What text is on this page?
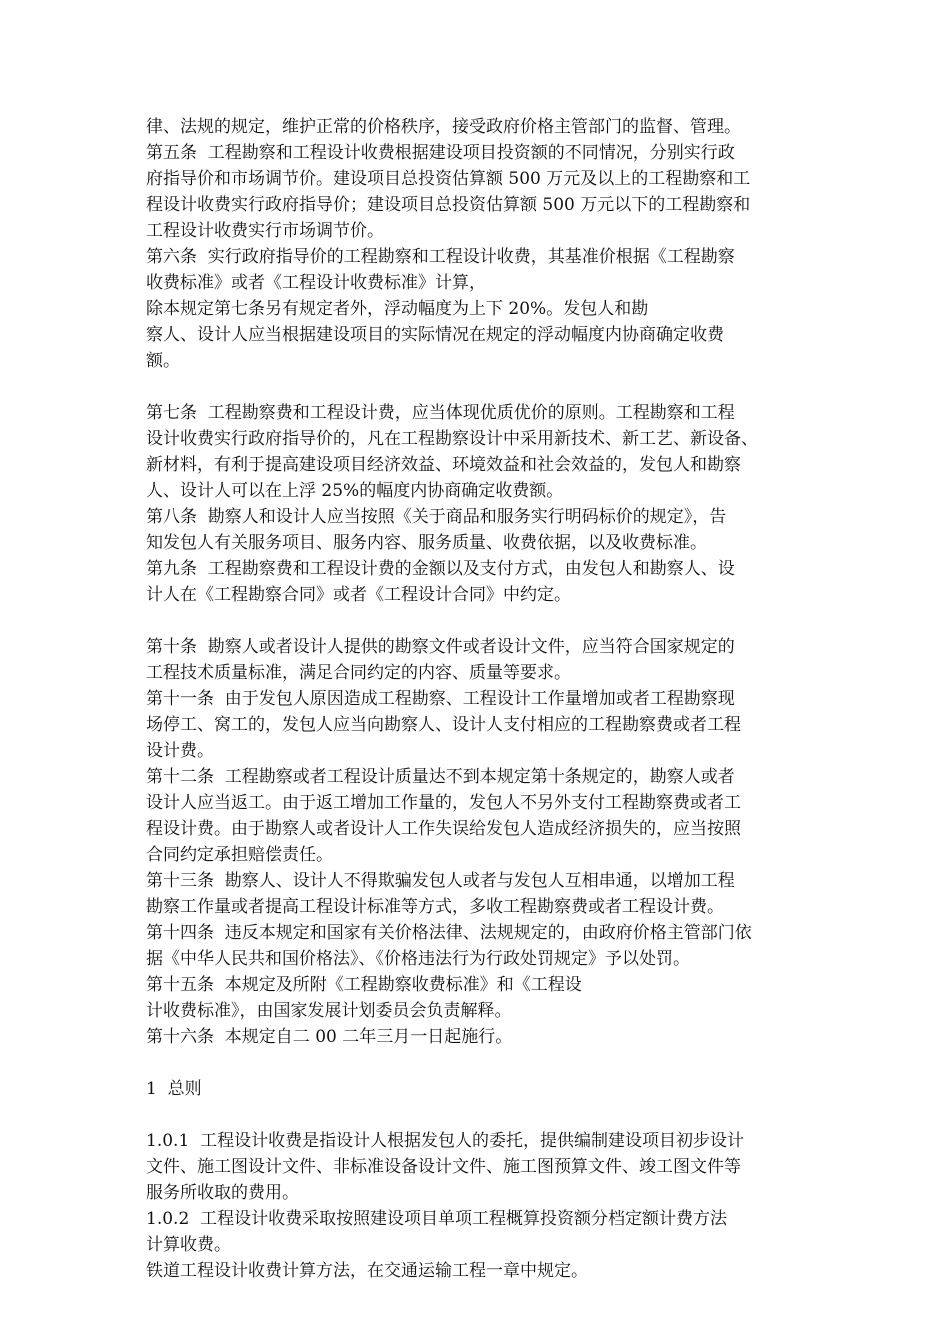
律、法规的规定，维护正常的价格秩序，接受政府价格主管部门的监督、管理。
第五条  工程勘察和工程设计收费根据建设项目投资额的不同情况，分别实行政
府指导价和市场调节价。建设项目总投资估算额 500 万元及以上的工程勘察和工
程设计收费实行政府指导价；建设项目总投资估算额 500 万元以下的工程勘察和
工程设计收费实行市场调节价。
第六条  实行政府指导价的工程勘察和工程设计收费，其基准价根据《工程勘察
收费标准》或者《工程设计收费标准》计算，
除本规定第七条另有规定者外，浮动幅度为上下 20%。发包人和勘
察人、设计人应当根据建设项目的实际情况在规定的浮动幅度内协商确定收费
额。
第七条  工程勘察费和工程设计费，应当体现优质优价的原则。工程勘察和工程
设计收费实行政府指导价的，凡在工程勘察设计中采用新技术、新工艺、新设备、
新材料，有利于提高建设项目经济效益、环境效益和社会效益的，发包人和勘察
人、设计人可以在上浮 25%的幅度内协商确定收费额。
第八条  勘察人和设计人应当按照《关于商品和服务实行明码标价的规定》，告
知发包人有关服务项目、服务内容、服务质量、收费依据，以及收费标准。
第九条  工程勘察费和工程设计费的金额以及支付方式，由发包人和勘察人、设
计人在《工程勘察合同》或者《工程设计合同》中约定。
第十条  勘察人或者设计人提供的勘察文件或者设计文件，应当符合国家规定的
工程技术质量标准，满足合同约定的内容、质量等要求。
第十一条  由于发包人原因造成工程勘察、工程设计工作量增加或者工程勘察现
场停工、窝工的，发包人应当向勘察人、设计人支付相应的工程勘察费或者工程
设计费。
第十二条  工程勘察或者工程设计质量达不到本规定第十条规定的，勘察人或者
设计人应当返工。由于返工增加工作量的，发包人不另外支付工程勘察费或者工
程设计费。由于勘察人或者设计人工作失误给发包人造成经济损失的，应当按照
合同约定承担赔偿责任。
第十三条  勘察人、设计人不得欺骗发包人或者与发包人互相串通，以增加工程
勘察工作量或者提高工程设计标准等方式，多收工程勘察费或者工程设计费。
第十四条  违反本规定和国家有关价格法律、法规规定的，由政府价格主管部门依
据《中华人民共和国价格法》、《价格违法行为行政处罚规定》予以处罚。
第十五条  本规定及所附《工程勘察收费标准》和《工程设
计收费标准》，由国家发展计划委员会负责解释。
第十六条  本规定自二 00 二年三月一日起施行。
1  总则
1.0.1  工程设计收费是指设计人根据发包人的委托，提供编制建设项目初步设计
文件、施工图设计文件、非标准设备设计文件、施工图预算文件、竣工图文件等
服务所收取的费用。
1.0.2  工程设计收费采取按照建设项目单项工程概算投资额分档定额计费方法
计算收费。
铁道工程设计收费计算方法，在交通运输工程一章中规定。
